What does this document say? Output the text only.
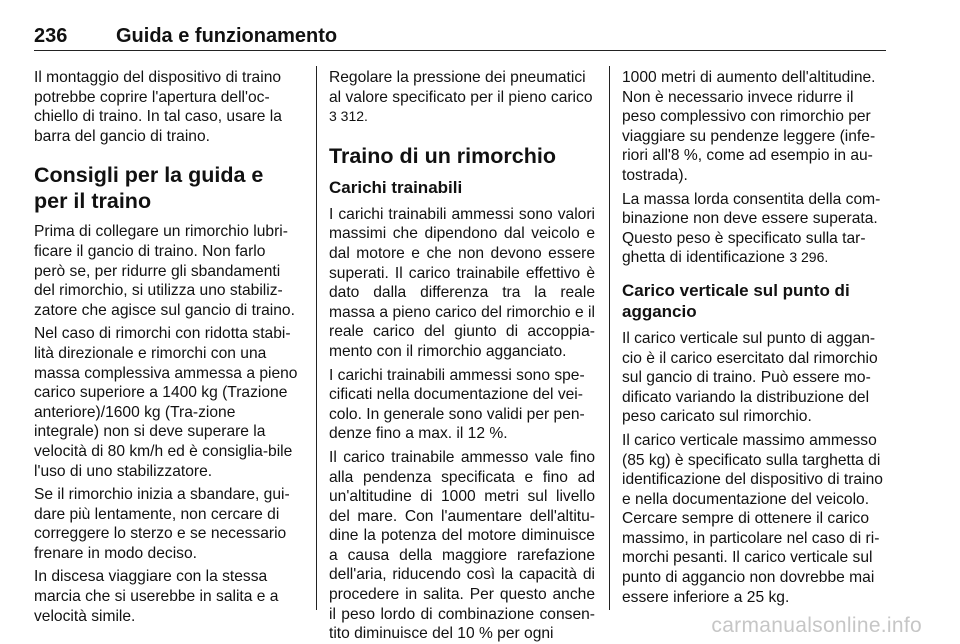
236 Guida e funzionamento

Il montaggio del dispositivo di traino potrebbe coprire l'apertura dell'oc-chiello di traino. In tal caso, usare la barra del gancio di traino.

Consigli per la guida e per il traino

Prima di collegare un rimorchio lubri-ficare il gancio di traino. Non farlo però se, per ridurre gli sbandamenti del rimorchio, si utilizza uno stabiliz-zatore che agisce sul gancio di traino.

Nel caso di rimorchi con ridotta stabi-lità direzionale e rimorchi con una massa complessiva ammessa a pieno carico superiore a 1400 kg (Trazione anteriore)/1600 kg (Tra-zione integrale) non si deve superare la velocità di 80 km/h ed è consiglia-bile l'uso di uno stabilizzatore.

Se il rimorchio inizia a sbandare, gui-dare più lentamente, non cercare di correggere lo sterzo e se necessario frenare in modo deciso.

In discesa viaggiare con la stessa marcia che si userebbe in salita e a velocità simile.

Regolare la pressione dei pneumatici al valore specificato per il pieno carico 3 312.

Traino di un rimorchio
Carichi trainabili

I carichi trainabili ammessi sono valori massimi che dipendono dal veicolo e dal motore e che non devono essere superati. Il carico trainabile effettivo è dato dalla differenza tra la reale massa a pieno carico del rimorchio e il reale carico del giunto di accoppia-mento con il rimorchio agganciato.

I carichi trainabili ammessi sono spe-cificati nella documentazione del vei-colo. In generale sono validi per pen-denze fino a max. il 12 %.

Il carico trainabile ammesso vale fino alla pendenza specificata e fino ad un'altitudine di 1000 metri sul livello del mare. Con l'aumentare dell'altitu-dine la potenza del motore diminuisce a causa della maggiore rarefazione dell'aria, riducendo così la capacità di procedere in salita. Per questo anche il peso lordo di combinazione consen-tito diminuisce del 10 % per ogni

1000 metri di aumento dell'altitudine. Non è necessario invece ridurre il peso complessivo con rimorchio per viaggiare su pendenze leggere (infe-riori all'8 %, come ad esempio in au-tostrada).

La massa lorda consentita della com-binazione non deve essere superata. Questo peso è specificato sulla tar-ghetta di identificazione 3 296.

Carico verticale sul punto di aggancio

Il carico verticale sul punto di aggan-cio è il carico esercitato dal rimorchio sul gancio di traino. Può essere mo-dificato variando la distribuzione del peso caricato sul rimorchio.

Il carico verticale massimo ammesso (85 kg) è specificato sulla targhetta di identificazione del dispositivo di traino e nella documentazione del veicolo. Cercare sempre di ottenere il carico massimo, in particolare nel caso di ri-morchi pesanti. Il carico verticale sul punto di aggancio non dovrebbe mai essere inferiore a 25 kg.

carmanualsonline.info
